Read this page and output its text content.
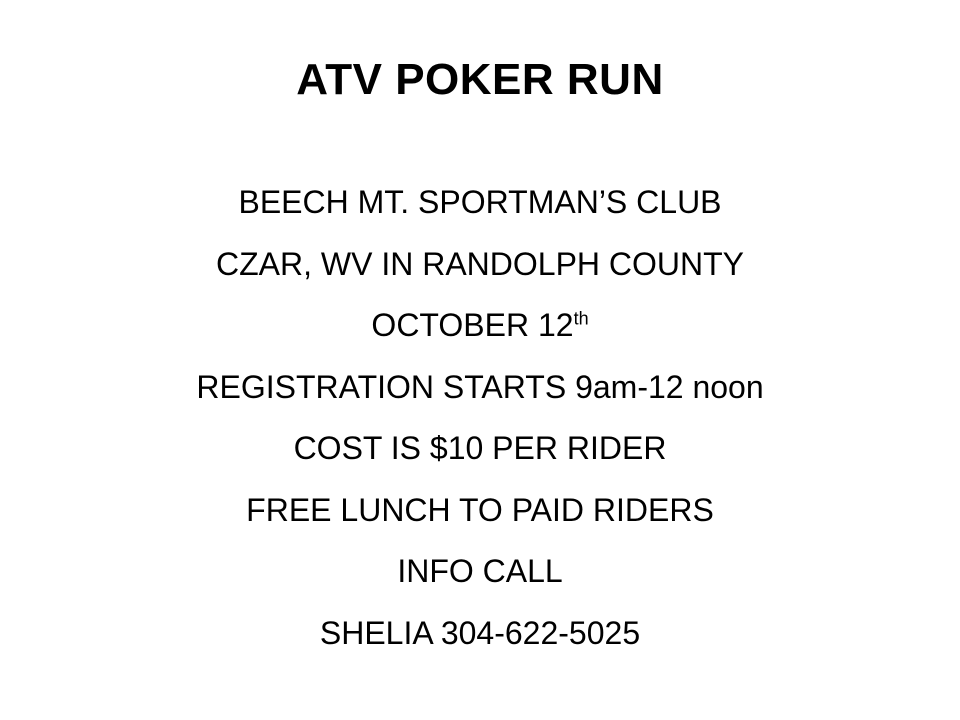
ATV POKER RUN
BEECH MT. SPORTMAN’S CLUB
CZAR, WV IN RANDOLPH COUNTY
OCTOBER 12th
REGISTRATION STARTS 9am-12 noon
COST IS $10 PER RIDER
FREE LUNCH TO PAID RIDERS
INFO CALL
SHELIA 304-622-5025
